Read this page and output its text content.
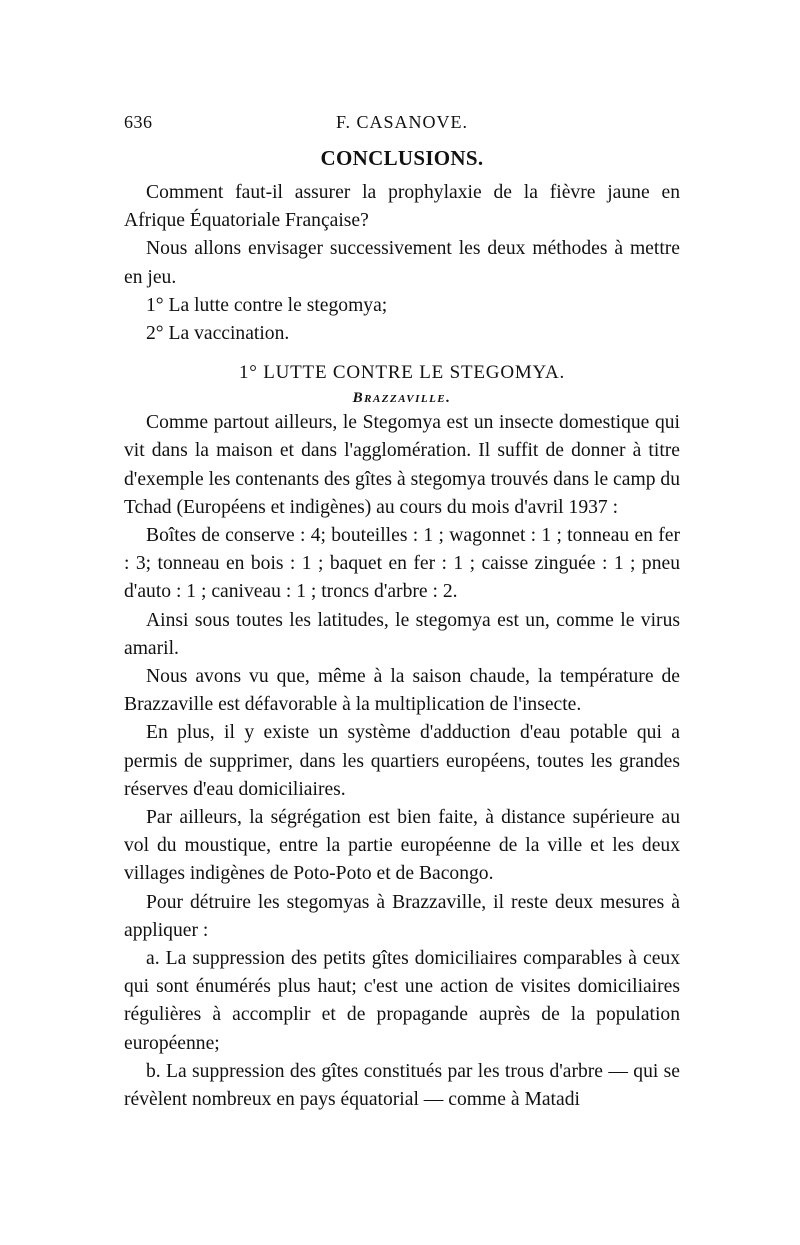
636	F. CASANOVE.
CONCLUSIONS.

Comment faut-il assurer la prophylaxie de la fièvre jaune en Afrique Équatoriale Française?

Nous allons envisager successivement les deux méthodes à mettre en jeu.

1° La lutte contre le stegomya;

2° La vaccination.

1° LUTTE CONTRE LE STEGOMYA.
Brazzaville.

Comme partout ailleurs, le Stegomya est un insecte domestique qui vit dans la maison et dans l'agglomération. Il suffit de donner à titre d'exemple les contenants des gîtes à stegomya trouvés dans le camp du Tchad (Européens et indigènes) au cours du mois d'avril 1937 :

Boîtes de conserve : 4; bouteilles : 1 ; wagonnet : 1 ; tonneau en fer : 3; tonneau en bois : 1 ; baquet en fer : 1 ; caisse zinguée : 1 ; pneu d'auto : 1 ; caniveau : 1 ; troncs d'arbre : 2.

Ainsi sous toutes les latitudes, le stegomya est un, comme le virus amaril.

Nous avons vu que, même à la saison chaude, la température de Brazzaville est défavorable à la multiplication de l'insecte.

En plus, il y existe un système d'adduction d'eau potable qui a permis de supprimer, dans les quartiers européens, toutes les grandes réserves d'eau domiciliaires.

Par ailleurs, la ségrégation est bien faite, à distance supérieure au vol du moustique, entre la partie européenne de la ville et les deux villages indigènes de Poto-Poto et de Bacongo.

Pour détruire les stegomyas à Brazzaville, il reste deux mesures à appliquer :

a. La suppression des petits gîtes domiciliaires comparables à ceux qui sont énumérés plus haut; c'est une action de visites domiciliaires régulières à accomplir et de propagande auprès de la population européenne;

b. La suppression des gîtes constitués par les trous d'arbre — qui se révèlent nombreux en pays équatorial — comme à Matadi
